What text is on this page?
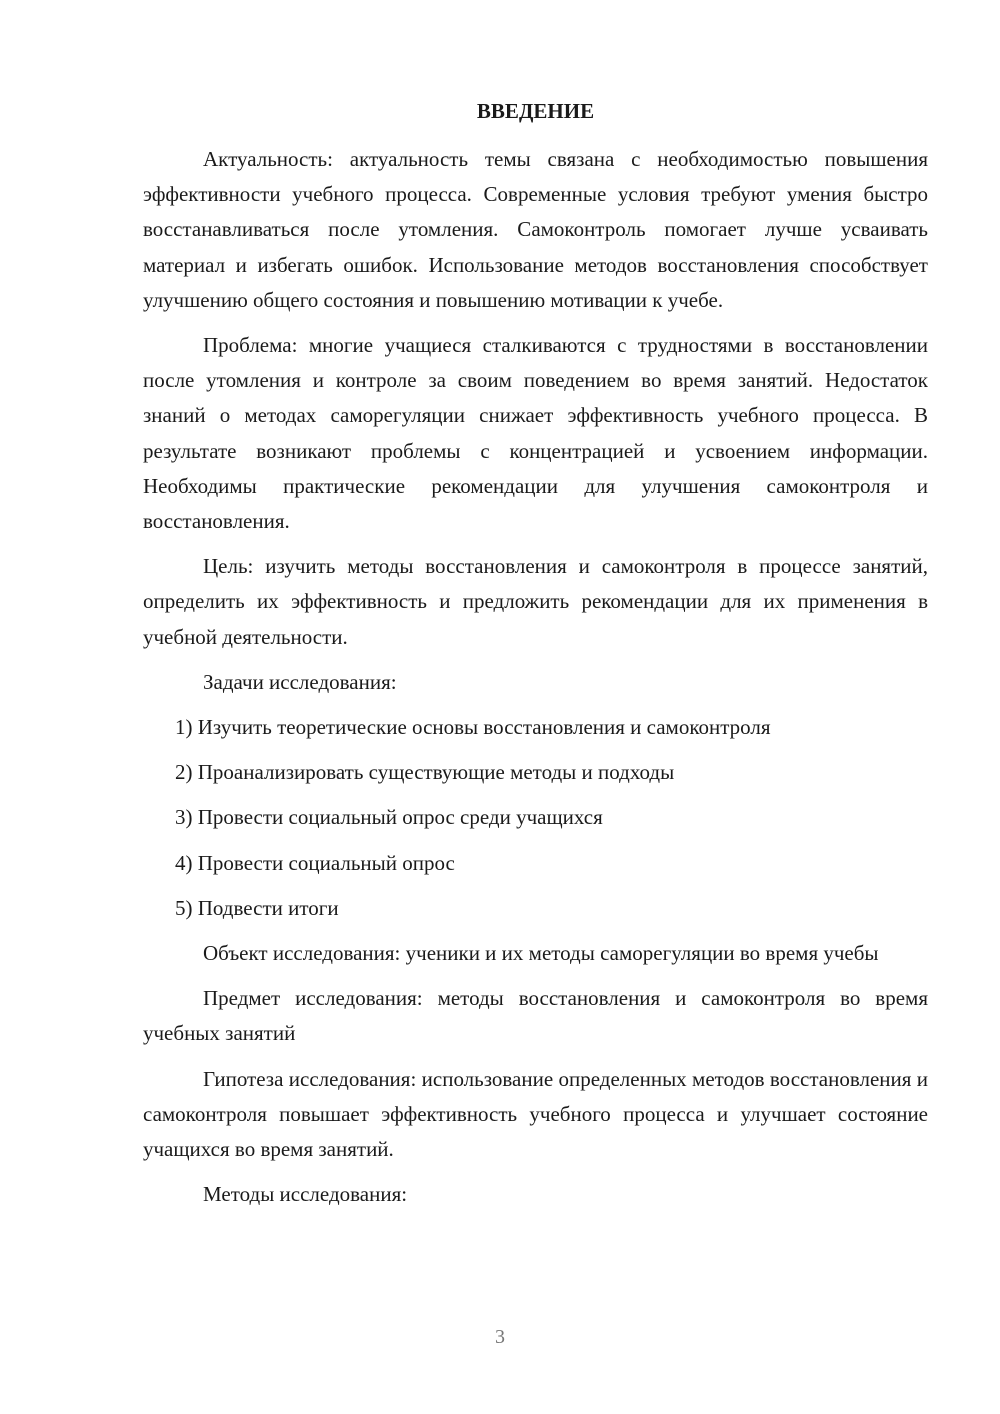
ВВЕДЕНИЕ

Актуальность: актуальность темы связана с необходимостью повышения эффективности учебного процесса. Современные условия требуют умения быстро восстанавливаться после утомления. Самоконтроль помогает лучше усваивать материал и избегать ошибок. Использование методов восстановления способствует улучшению общего состояния и повышению мотивации к учебе.

Проблема: многие учащиеся сталкиваются с трудностями в восстановлении после утомления и контроле за своим поведением во время занятий. Недостаток знаний о методах саморегуляции снижает эффективность учебного процесса. В результате возникают проблемы с концентрацией и усвоением информации. Необходимы практические рекомендации для улучшения самоконтроля и восстановления.

Цель: изучить методы восстановления и самоконтроля в процессе занятий, определить их эффективность и предложить рекомендации для их применения в учебной деятельности.

Задачи исследования:

1) Изучить теоретические основы восстановления и самоконтроля

2) Проанализировать существующие методы и подходы

3) Провести социальный опрос среди учащихся

4) Провести социальный опрос

5) Подвести итоги

Объект исследования: ученики и их методы саморегуляции во время учебы

Предмет исследования: методы восстановления и самоконтроля во время учебных занятий

Гипотеза исследования: использование определенных методов восстановления и самоконтроля повышает эффективность учебного процесса и улучшает состояние учащихся во время занятий.

Методы исследования:

3
